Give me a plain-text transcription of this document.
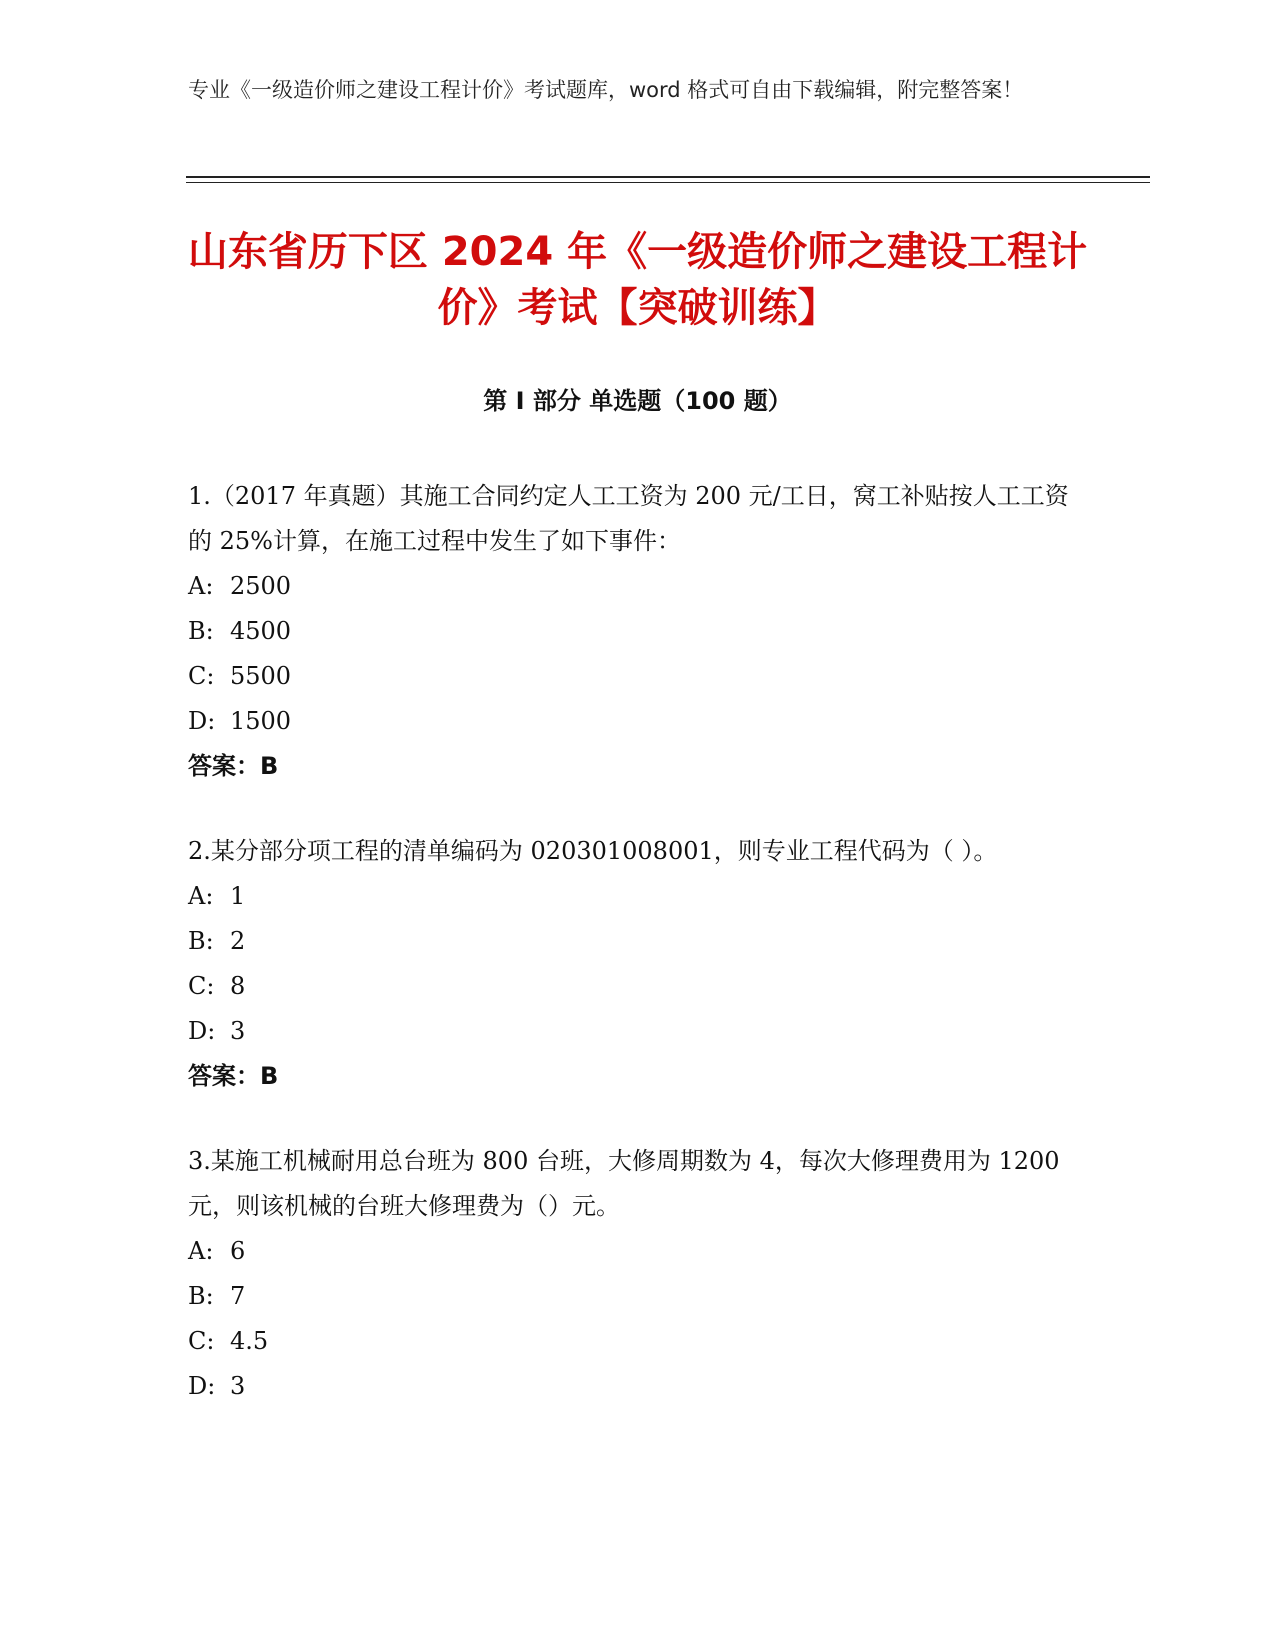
专业《一级造价师之建设工程计价》考试题库，word 格式可自由下载编辑，附完整答案！
山东省历下区 2024 年《一级造价师之建设工程计价》考试【突破训练】
第 I 部分 单选题（100 题）

1.（2017 年真题）其施工合同约定人工工资为 200 元/工日，窝工补贴按人工工资的 25%计算，在施工过程中发生了如下事件：

A: 2500
B: 4500
C: 5500
D: 1500
答案：B

2.某分部分项工程的清单编码为 020301008001，则专业工程代码为（ ）。

A: 1
B: 2
C: 8
D: 3
答案：B

3.某施工机械耐用总台班为 800 台班，大修周期数为 4，每次大修理费用为 1200 元，则该机械的台班大修理费为（）元。

A: 6
B: 7
C: 4.5
D: 3
